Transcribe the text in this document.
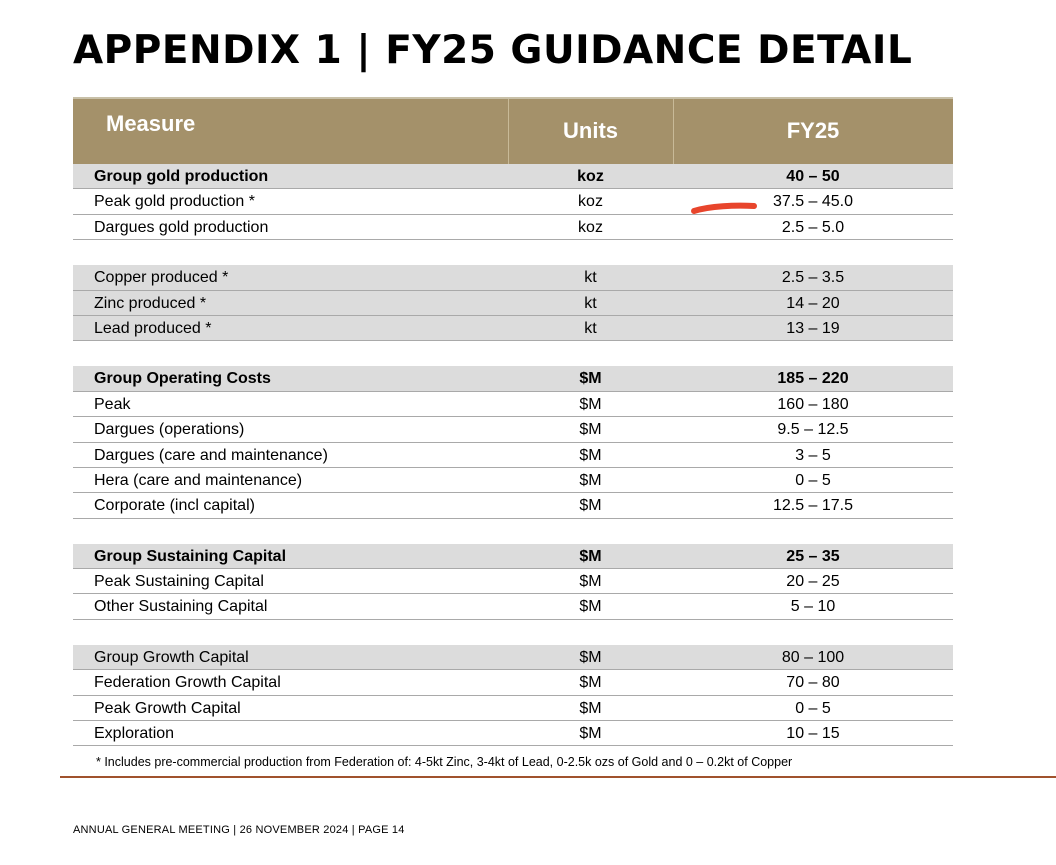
APPENDIX 1 | FY25 GUIDANCE DETAIL
Measure	Units	FY25
Group gold production	koz	40 – 50
Peak gold production *	koz	37.5 – 45.0
Dargues gold production	koz	2.5 – 5.0
Copper produced *	kt	2.5 – 3.5
Zinc produced *	kt	14 – 20
Lead produced *	kt	13 – 19
Group Operating Costs	$M	185 – 220
Peak	$M	160 – 180
Dargues (operations)	$M	9.5 – 12.5
Dargues (care and maintenance)	$M	3 – 5
Hera (care and maintenance)	$M	0 – 5
Corporate (incl capital)	$M	12.5 – 17.5
Group Sustaining Capital	$M	25 – 35
Peak Sustaining Capital	$M	20 – 25
Other Sustaining Capital	$M	5 – 10
Group Growth Capital	$M	80 – 100
Federation Growth Capital	$M	70 – 80
Peak Growth Capital	$M	0 – 5
Exploration	$M	10 – 15
* Includes pre-commercial production from Federation of: 4-5kt Zinc, 3-4kt of Lead, 0-2.5k ozs of Gold and 0 – 0.2kt of Copper
ANNUAL GENERAL MEETING | 26 NOVEMBER 2024 | PAGE 14
